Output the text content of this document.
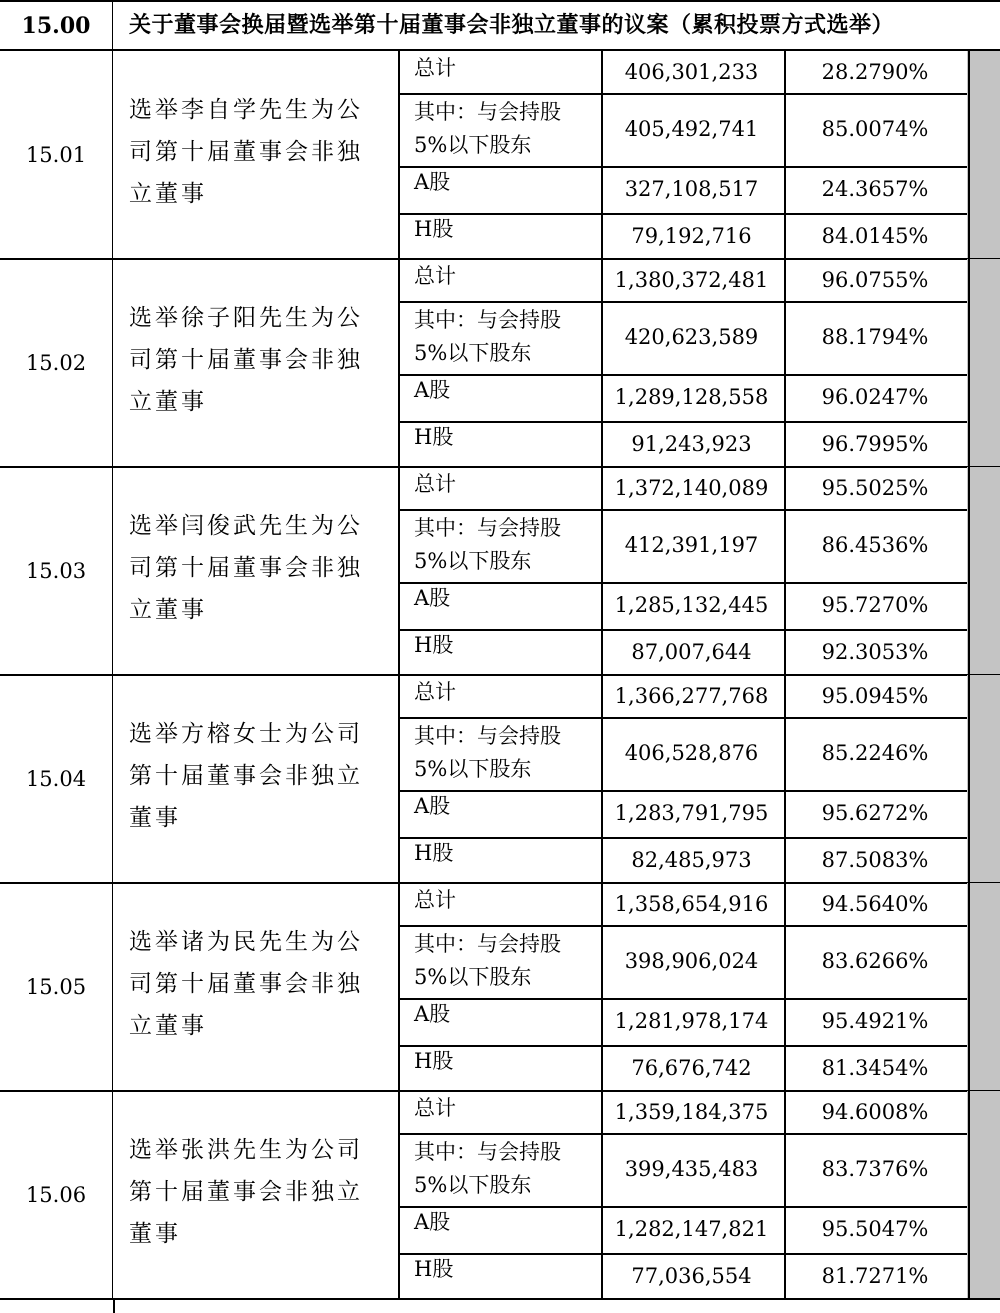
15.00	关于董事会换届暨选举第十届董事会非独立董事的议案（累积投票方式选举）
15.01
选举李自学先生为公
司第十届董事会非独
立董事
总计	406,301,233	28.2790%
其中：与会持股
5%以下股东
405,492,741	85.0074%
A股	327,108,517	24.3657%
H股	79,192,716	84.0145%
15.02
选举徐子阳先生为公
司第十届董事会非独
立董事
总计	1,380,372,481	96.0755%
其中：与会持股
5%以下股东
420,623,589	88.1794%
A股	1,289,128,558	96.0247%
H股	91,243,923	96.7995%
15.03
选举闫俊武先生为公
司第十届董事会非独
立董事
总计	1,372,140,089	95.5025%
其中：与会持股
5%以下股东
412,391,197	86.4536%
A股	1,285,132,445	95.7270%
H股	87,007,644	92.3053%
15.04
选举方榕女士为公司
第十届董事会非独立
董事
总计	1,366,277,768	95.0945%
其中：与会持股
5%以下股东
406,528,876	85.2246%
A股	1,283,791,795	95.6272%
H股	82,485,973	87.5083%
15.05
选举诸为民先生为公
司第十届董事会非独
立董事
总计	1,358,654,916	94.5640%
其中：与会持股
5%以下股东
398,906,024	83.6266%
A股	1,281,978,174	95.4921%
H股	76,676,742	81.3454%
15.06
选举张洪先生为公司
第十届董事会非独立
董事
总计	1,359,184,375	94.6008%
其中：与会持股
5%以下股东
399,435,483	83.7376%
A股	1,282,147,821	95.5047%
H股	77,036,554	81.7271%
